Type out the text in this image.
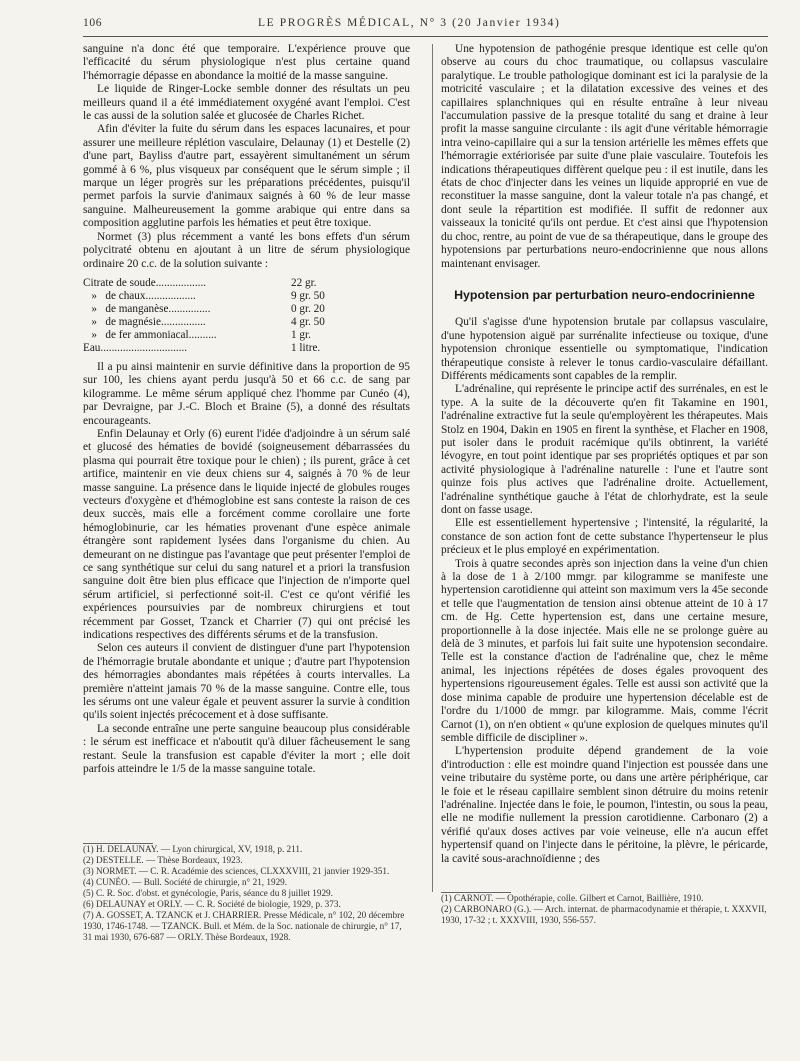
106	LE PROGRÈS MÉDICAL, N° 3 (20 Janvier 1934)

sanguine n'a donc été que temporaire. L'expérience prouve que l'efficacité du sérum physiologique n'est plus certaine quand l'hémorragie dépasse en abondance la moitié de la masse sanguine.

Le liquide de Ringer-Locke semble donner des résultats un peu meilleurs quand il a été immédiatement oxygéné avant l'emploi. C'est le cas aussi de la solution salée et glucosée de Charles Richet.

Afin d'éviter la fuite du sérum dans les espaces lacunaires, et pour assurer une meilleure réplétion vasculaire, Delaunay (1) et Destelle (2) d'une part, Bayliss d'autre part, essayèrent simultanément un sérum gommé à 6 %, plus visqueux par conséquent que le sérum simple ; il marque un léger progrès sur les préparations précédentes, puisqu'il permet parfois la survie d'animaux saignés à 60 % de leur masse sanguine. Malheureusement la gomme arabique qui entre dans sa composition agglutine parfois les hématies et peut être toxique.

Normet (3) plus récemment a vanté les bons effets d'un sérum polycitraté obtenu en ajoutant à un litre de sérum physiologique ordinaire 20 c.c. de la solution suivante :

Citrate de soude..................	22 gr.
»   de chaux..................	9 gr. 50
»   de manganèse...............	0 gr. 20
»   de magnésie................	4 gr. 50
»   de fer ammoniacal..........	1 gr.
Eau...............................	1 litre.

Il a pu ainsi maintenir en survie définitive dans la proportion de 95 sur 100, les chiens ayant perdu jusqu'à 50 et 66 c.c. de sang par kilogramme. Le même sérum appliqué chez l'homme par Cunéo (4), par Devraigne, par J.-C. Bloch et Braine (5), a donné des résultats encourageants.

Enfin Delaunay et Orly (6) eurent l'idée d'adjoindre à un sérum salé et glucosé des hématies de bovidé (soigneusement débarrassées du plasma qui pourrait être toxique pour le chien) ; ils purent, grâce à cet artifice, maintenir en vie deux chiens sur 4, saignés à 70 % de leur masse sanguine. La présence dans le liquide injecté de globules rouges vecteurs d'oxygène et d'hémoglobine est sans conteste la raison de ces deux succès, mais elle a forcément comme corollaire une forte hémoglobinurie, car les hématies provenant d'une espèce animale étrangère sont rapidement lysées dans l'organisme du chien. Au demeurant on ne distingue pas l'avantage que peut présenter l'emploi de ce sang synthétique sur celui du sang naturel et a priori la transfusion sanguine doit être bien plus efficace que l'injection de n'importe quel sérum artificiel, si perfectionné soit-il. C'est ce qu'ont vérifié les expériences poursuivies par de nombreux chirurgiens et tout récemment par Gosset, Tzanck et Charrier (7) qui ont précisé les indications respectives des différents sérums et de la transfusion.

Selon ces auteurs il convient de distinguer d'une part l'hypotension de l'hémorragie brutale abondante et unique ; d'autre part l'hypotension des hémorragies abondantes mais répétées à courts intervalles. La première n'atteint jamais 70 % de la masse sanguine. Contre elle, tous les sérums ont une valeur égale et peuvent assurer la survie à condition qu'ils soient injectés précocement et à dose suffisante.

La seconde entraîne une perte sanguine beaucoup plus considérable : le sérum est inefficace et n'aboutit qu'à diluer fâcheusement le sang restant. Seule la transfusion est capable d'éviter la mort ; elle doit parfois atteindre le 1/5 de la masse sanguine totale.

(1) H. DELAUNAY. — Lyon chirurgical, XV, 1918, p. 211.
(2) DESTELLE. — Thèse Bordeaux, 1923.
(3) NORMET. — C. R. Académie des sciences, CLXXXVIII, 21 janvier 1929-351.
(4) CUNÉO. — Bull. Société de chirurgie, n° 21, 1929.
(5) C. R. Soc. d'obst. et gynécologie, Paris, séance du 8 juillet 1929.
(6) DELAUNAY et ORLY. — C. R. Société de biologie, 1929, p. 373.
(7) A. GOSSET, A. TZANCK et J. CHARRIER. Presse Médicale, n° 102, 20 décembre 1930, 1746-1748. — TZANCK. Bull. et Mém. de la Soc. nationale de chirurgie, n° 17, 31 mai 1930, 676-687 — ORLY. Thèse Bordeaux, 1928.

Une hypotension de pathogénie presque identique est celle qu'on observe au cours du choc traumatique, ou collapsus vasculaire paralytique. Le trouble pathologique dominant est ici la paralysie de la motricité vasculaire ; et la dilatation excessive des veines et des capillaires splanchniques qui en résulte entraîne à leur niveau l'accumulation passive de la presque totalité du sang et draine à leur profit la masse sanguine circulante : ils agit d'une véritable hémorragie intra veino-capillaire qui a sur la tension artérielle les mêmes effets que l'hémorragie extériorisée par suite d'une plaie vasculaire. Toutefois les indications thérapeutiques diffèrent quelque peu : il est inutile, dans les états de choc d'injecter dans les veines un liquide approprié en vue de reconstituer la masse sanguine, dont la valeur totale n'a pas changé, et dont seule la répartition est modifiée. Il suffit de redonner aux vaisseaux la tonicité qu'ils ont perdue. Et c'est ainsi que l'hypotension du choc, rentre, au point de vue de sa thérapeutique, dans le groupe des hypotensions par perturbations neuro-endocrinienne que nous allons maintenant envisager.

Hypotension par perturbation neuro-endocrinienne

Qu'il s'agisse d'une hypotension brutale par collapsus vasculaire, d'une hypotension aiguë par surrénalite infectieuse ou toxique, d'une hypotension chronique essentielle ou symptomatique, l'indication thérapeutique consiste à relever le tonus cardio-vasculaire défaillant. Différents médicaments sont capables de la remplir.

L'adrénaline, qui représente le principe actif des surrénales, en est le type. A la suite de la découverte qu'en fit Takamine en 1901, l'adrénaline extractive fut la seule qu'employèrent les thérapeutes. Mais Stolz en 1904, Dakin en 1905 en firent la synthèse, et Flacher en 1908, put isoler dans le produit racémique qu'ils obtinrent, la variété lévogyre, en tout point identique par ses propriétés optiques et par son activité physiologique à l'adrénaline naturelle : l'une et l'autre sont quinze fois plus actives que l'adrénaline droite. Actuellement, l'adrénaline synthétique gauche à l'état de chlorhydrate, est la seule dont on fasse usage.

Elle est essentiellement hypertensive ; l'intensité, la régularité, la constance de son action font de cette substance l'hypertenseur le plus précieux et le plus employé en expérimentation.

Trois à quatre secondes après son injection dans la veine d'un chien à la dose de 1 à 2/100 mmgr. par kilogramme se manifeste une hypertension carotidienne qui atteint son maximum vers la 45e seconde et telle que l'augmentation de tension ainsi obtenue atteint de 10 à 17 cm. de Hg. Cette hypertension est, dans une certaine mesure, proportionnelle à la dose injectée. Mais elle ne se prolonge guère au delà de 3 minutes, et parfois lui fait suite une hypotension secondaire. Telle est la constance d'action de l'adrénaline que, chez le même animal, les injections répétées de doses égales provoquent des hypertensions rigoureusement égales. Telle est aussi son activité que la dose minima capable de produire une hypertension décelable est de l'ordre du 1/1000 de mmgr. par kilogramme. Mais, comme l'écrit Carnot (1), on n'en obtient « qu'une explosion de quelques minutes qu'il semble difficile de discipliner ».

L'hypertension produite dépend grandement de la voie d'introduction : elle est moindre quand l'injection est poussée dans une veine tributaire du système porte, ou dans une artère périphérique, car le foie et le réseau capillaire semblent sinon détruire du moins retenir l'adrénaline. Injectée dans le foie, le poumon, l'intestin, ou sous la peau, elle ne modifie nullement la pression carotidienne. Carbonaro (2) a vérifié qu'aux doses actives par voie veineuse, elle n'a aucun effet hypertensif quand on l'injecte dans le péritoine, la plèvre, le péricarde, la cavité sous-arachnoïdienne ; des

(1) CARNOT. — Opothérapie, colle. Gilbert et Carnot, Baillière, 1910.
(2) CARBONARO (G.). — Arch. internat. de pharmacodynamie et thérapie, t. XXXVII, 1930, 17-32 ; t. XXXVIII, 1930, 556-557.
